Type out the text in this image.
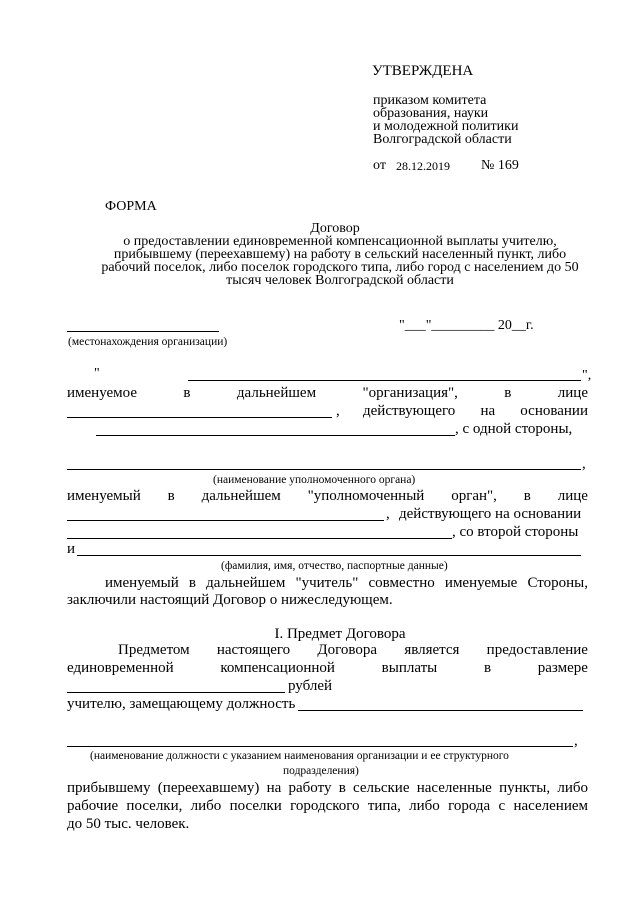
УТВЕРЖДЕНА
приказом комитета
образования, науки
и молодежной политики
Волгоградской области
от 28.12.2019 № 169
ФОРМА
Договор
о предоставлении единовременной компенсационной выплаты учителю,
прибывшему (переехавшему) на работу в сельский населенный пункт, либо
рабочий поселок, либо поселок городского типа, либо город с населением до 50
тысяч человек Волгоградской области
"___"_________ 20__г.
(местонахождения организации)
"	",
именуемое	в	дальнейшем	"организация",	в	лице
, действующего на основании
, с одной стороны,
,
(наименование уполномоченного органа)
именуемый в дальнейшем "уполномоченный орган", в лице
, действующего на основании
, со второй стороны
и
(фамилия, имя, отчество, паспортные данные)
именуемый в дальнейшем "учитель" совместно именуемые Стороны,
заключили настоящий Договор о нижеследующем.
I. Предмет Договора
Предметом настоящего Договора является предоставление
единовременной	компенсационной	выплаты	в	размере
рублей
учителю, замещающему должность
,
(наименование должности с указанием наименования организации и ее структурного
подразделения)
прибывшему (переехавшему) на работу в сельские населенные пункты, либо
рабочие поселки, либо поселки городского типа, либо города с населением
до 50 тыс. человек.
